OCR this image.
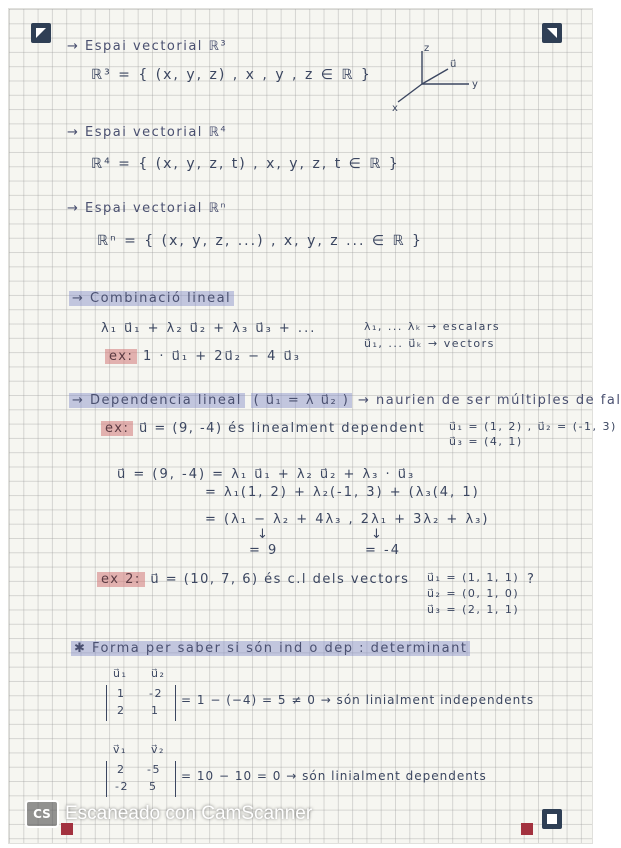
→ Espai vectorial ℝ³
ℝ³ = { (x, y, z) , x , y , z ∈ ℝ }
z
y
x
u⃗
→ Espai vectorial ℝ⁴
ℝ⁴ = { (x, y, z, t) , x, y, z, t ∈ ℝ }
→ Espai vectorial ℝⁿ
ℝⁿ = { (x, y, z, ...) , x, y, z ... ∈ ℝ }
→ Combinació lineal
λ₁ u⃗₁ + λ₂ u⃗₂ + λ₃ u⃗₃ + ...	λ₁, ... λₖ → escalars
u⃗₁, ... u⃗ₖ → vectors
ex: 1 · u⃗₁ + 2u⃗₂ − 4 u⃗₃
→ Dependencia lineal ( u⃗₁ = λ u⃗₂ ) → naurien de ser múltiples de fal
ex: u⃗ = (9, -4) és linealment dependent u⃗₁ = (1, 2) , u⃗₂ = (-1, 3)
u⃗₃ = (4, 1)
u⃗ = (9, -4) = λ₁ u⃗₁ + λ₂ u⃗₂ + λ₃ · u⃗₃
= λ₁(1, 2) + λ₂(-1, 3) + (λ₃(4, 1)
= (λ₁ − λ₂ + 4λ₃ , 2λ₁ + 3λ₂ + λ₃)
↓	↓
= 9	= -4
ex 2: u⃗ = (10, 7, 6) és c.l dels vectors u⃗₁ = (1, 1, 1)
u⃗₂ = (0, 1, 0)
u⃗₃ = (2, 1, 1)
?
✱ Forma per saber si són ind o dep : determinant
u⃗₁ u⃗₂
1 -2
2 1
= 1 − (−4) = 5 ≠ 0 → són linialment independents
v⃗₁ v⃗₂
2 -5
-2 5
= 10 − 10 = 0 → són linialment dependents
CS Escaneado con CamScanner
